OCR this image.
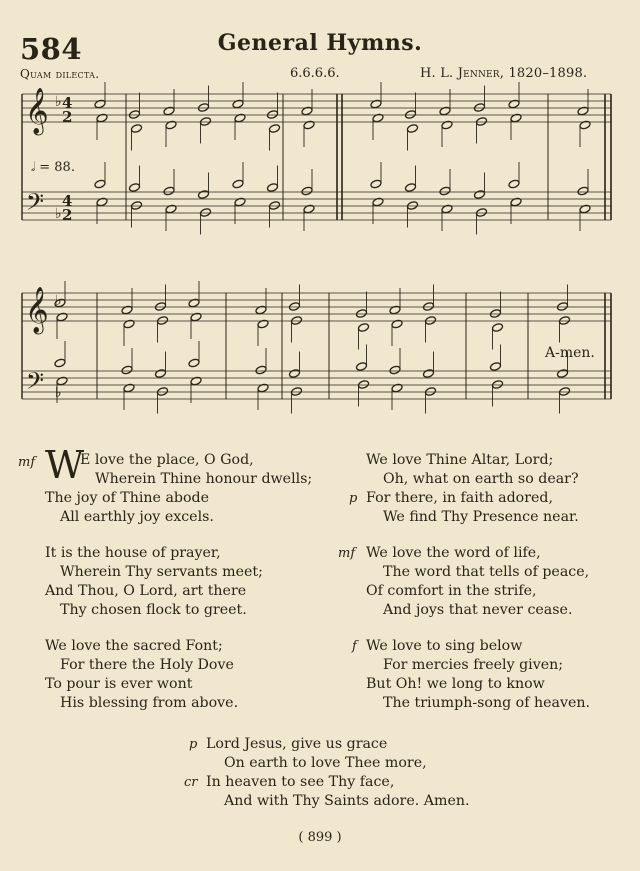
584	General Hymns.
Quam dilecta.	6.6.6.6.	H. L. Jenner, 1820–1898.
𝄞
𝄢
♭
♭
4
2
4
2
𝄞
𝄢
♭
♭
𝅗𝅥 = 88.
A-men.
mf W
E love the place, O God,
Wherein Thine honour dwells;
The joy of Thine abode
All earthly joy excels.
It is the house of prayer,
Wherein Thy servants meet;
And Thou, O Lord, art there
Thy chosen flock to greet.
We love the sacred Font;
For there the Holy Dove
To pour is ever wont
His blessing from above.
We love Thine Altar, Lord;
Oh, what on earth so dear?
p For there, in faith adored,
We find Thy Presence near.
mf We love the word of life,
The word that tells of peace,
Of comfort in the strife,
And joys that never cease.
f We love to sing below
For mercies freely given;
But Oh! we long to know
The triumph-song of heaven.
p Lord Jesus, give us grace
On earth to love Thee more,
cr In heaven to see Thy face,
And with Thy Saints adore. Amen.
( 899 )
